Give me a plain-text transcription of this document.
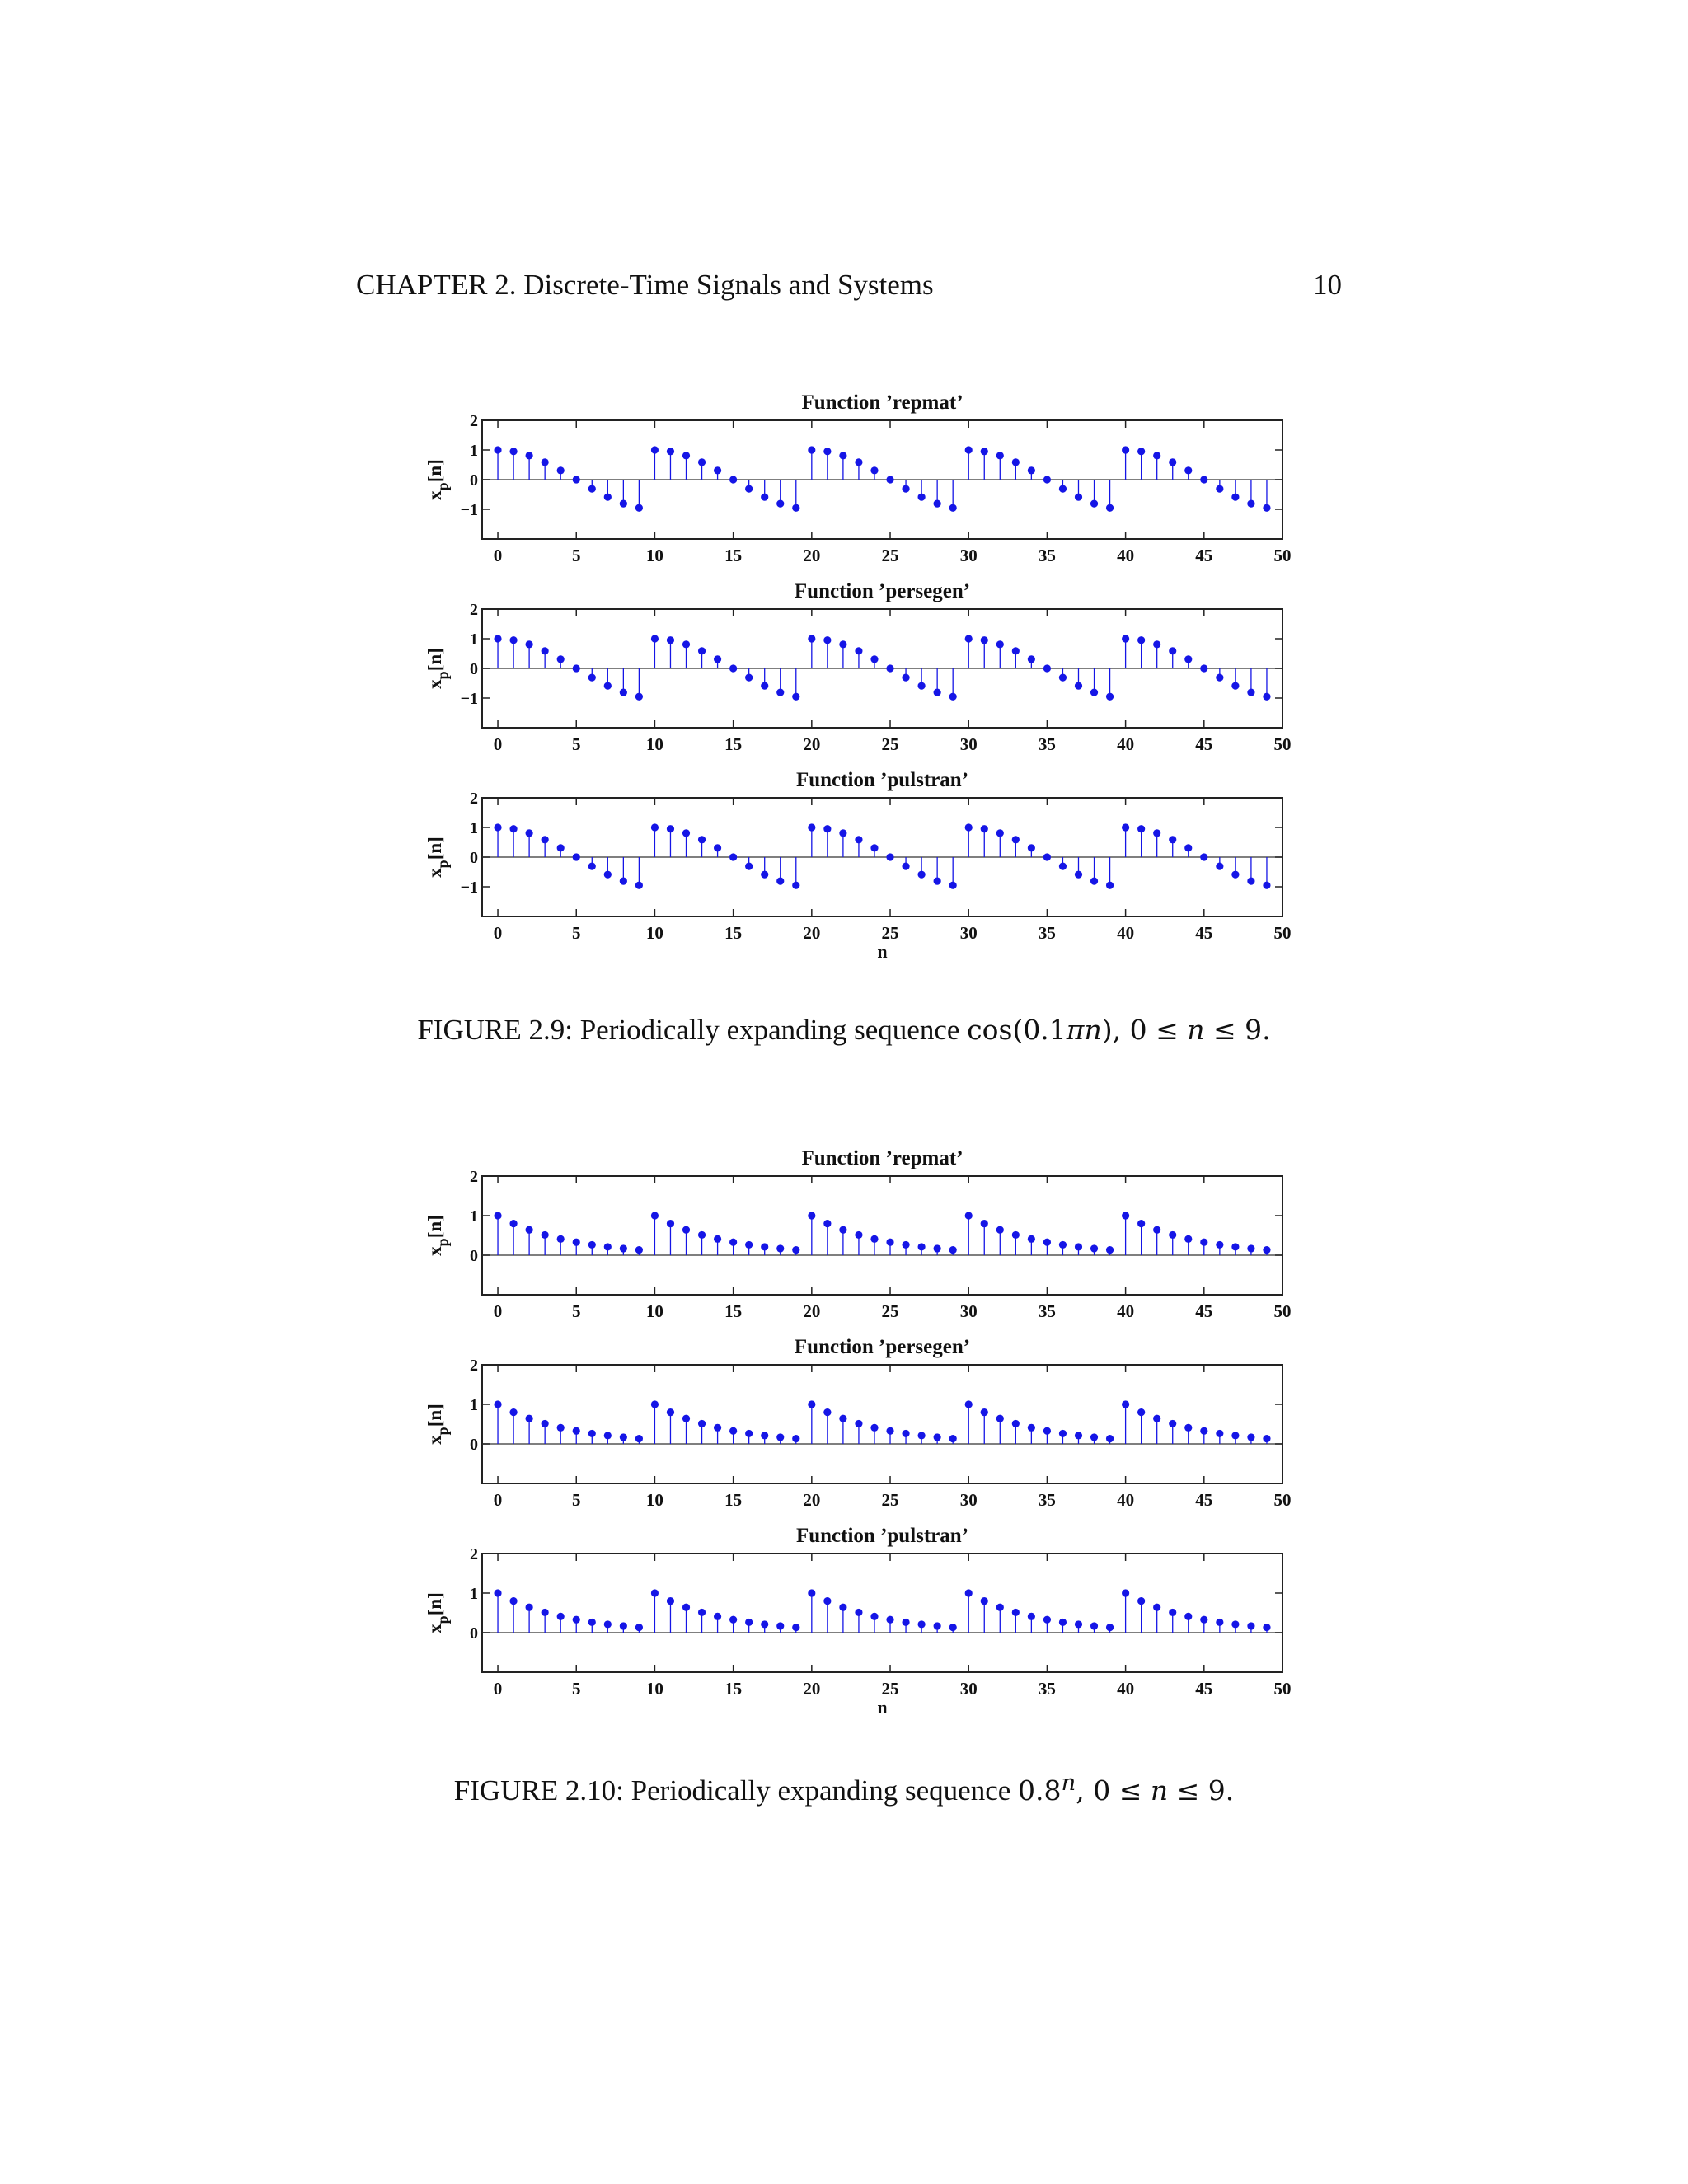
CHAPTER 2. Discrete-Time Signals and Systems	10
Function ’repmat’
0	5	10	15	20	25	30	35	40	45	50
2
1
0
−1
$x_p[n]$
Function ’persegen’
0	5	10	15	20	25	30	35	40	45	50
2
1
0
−1
$x_p[n]$
Function ’pulstran’
0	5	10	15	20	25	30	35	40	45	50
2
1
0
−1
$x_p[n]$
n
FIGURE 2.9: Periodically expanding sequence cos(0.1πn), 0 ≤ n ≤ 9.
Function ’repmat’
0	5	10	15	20	25	30	35	40	45	50
2
1
0
$x_p[n]$
Function ’persegen’
0	5	10	15	20	25	30	35	40	45	50
2
1
0
$x_p[n]$
Function ’pulstran’
0	5	10	15	20	25	30	35	40	45	50
2
1
0
$x_p[n]$
n
FIGURE 2.10: Periodically expanding sequence 0.8$^n$, 0 ≤ n ≤ 9.
